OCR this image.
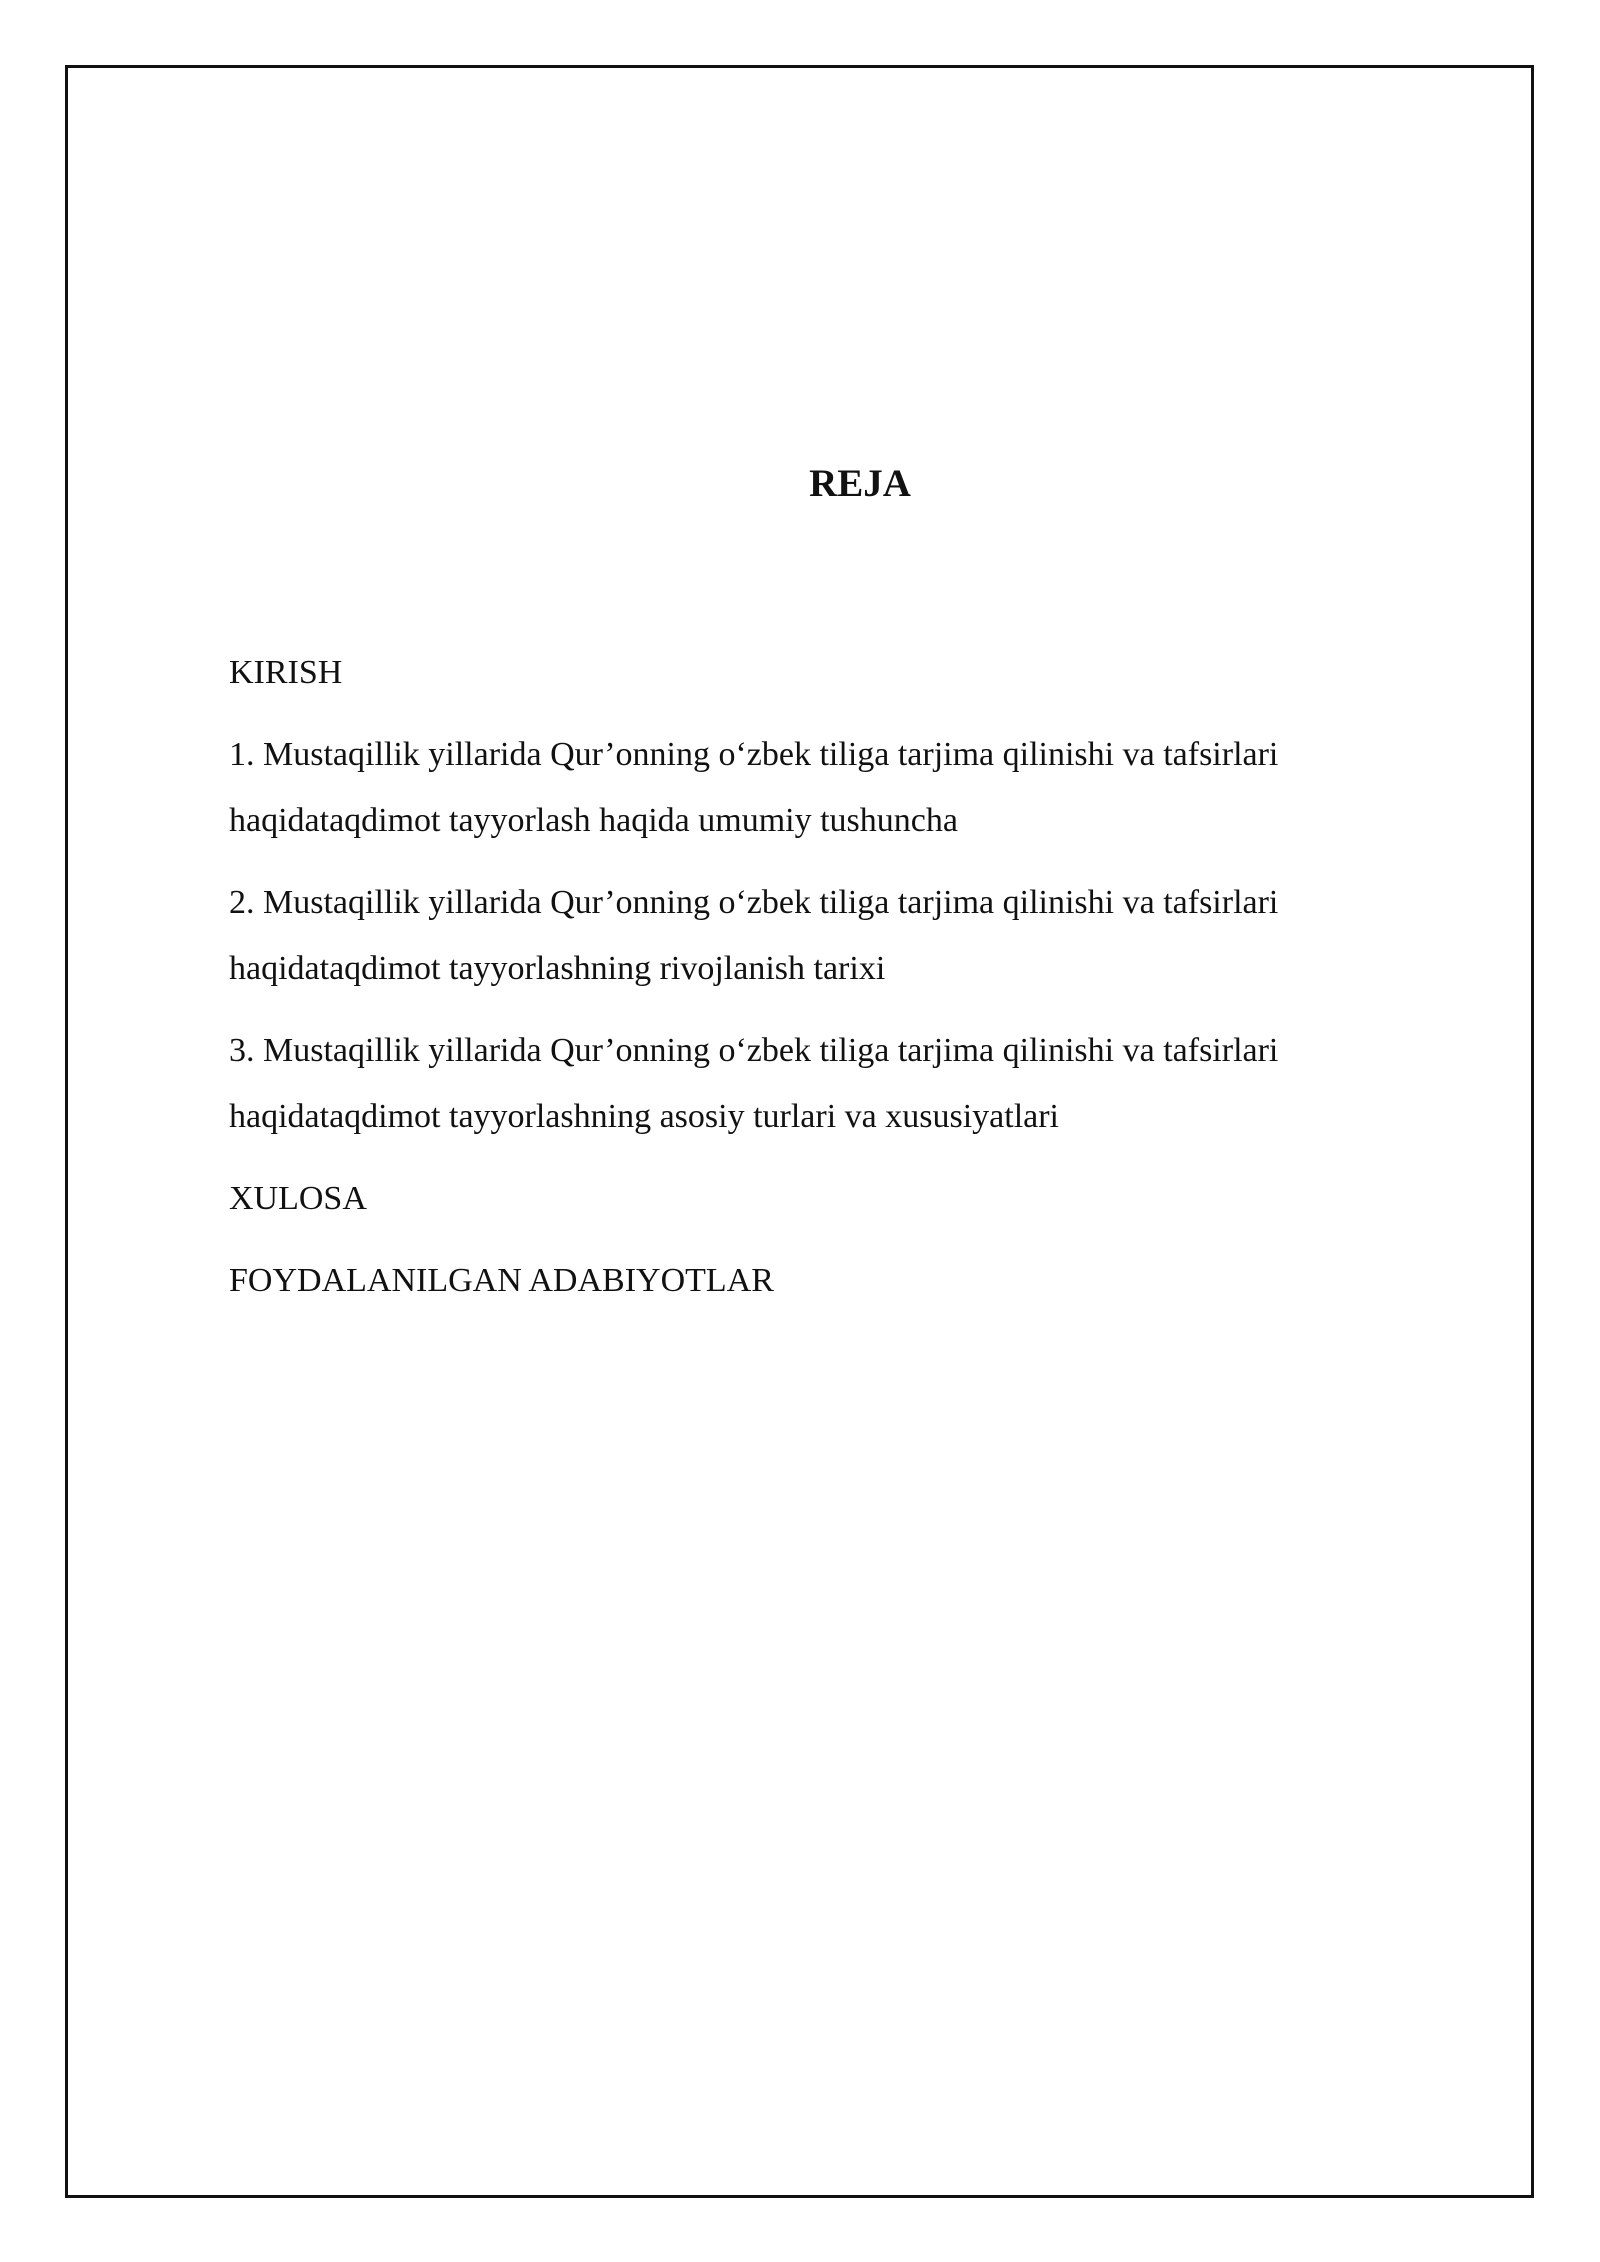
REJA
KIRISH
1. Mustaqillik yillarida Qur’onning o‘zbek tiliga tarjima qilinishi va tafsirlari haqidataqdimot tayyorlash haqida umumiy tushuncha
2. Mustaqillik yillarida Qur’onning o‘zbek tiliga tarjima qilinishi va tafsirlari haqidataqdimot tayyorlashning rivojlanish tarixi
3. Mustaqillik yillarida Qur’onning o‘zbek tiliga tarjima qilinishi va tafsirlari haqidataqdimot tayyorlashning asosiy turlari va xususiyatlari
XULOSA
FOYDALANILGAN ADABIYOTLAR
